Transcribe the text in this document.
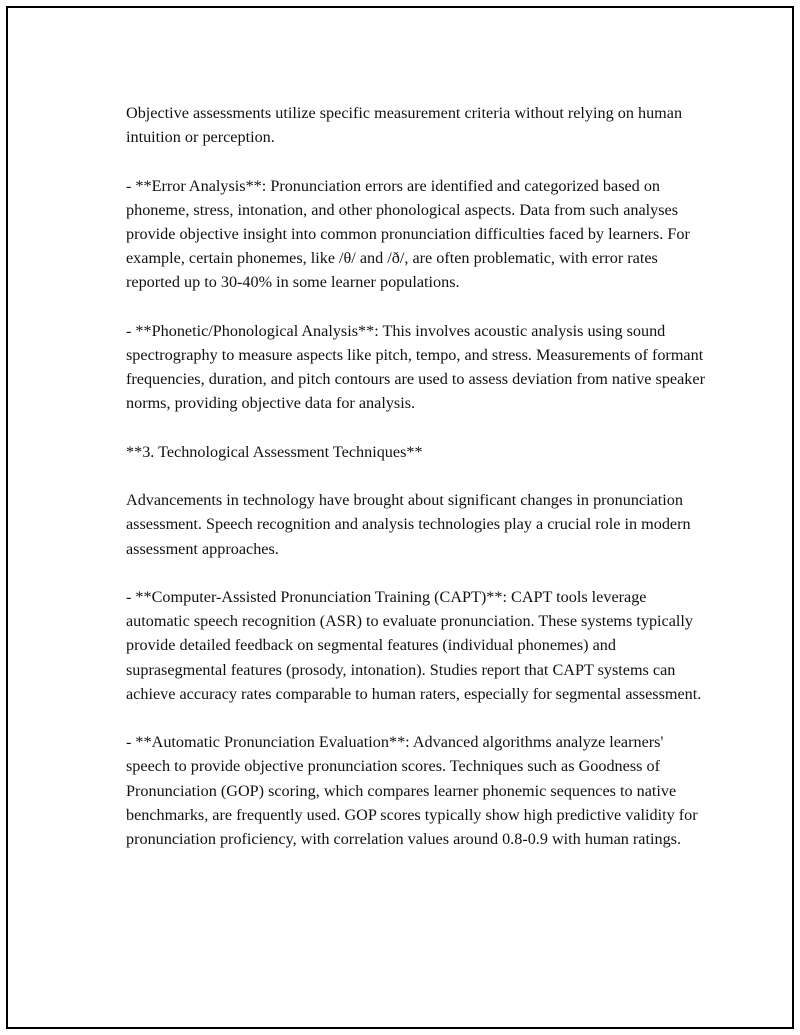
Objective assessments utilize specific measurement criteria without relying on human intuition or perception.

- **Error Analysis**: Pronunciation errors are identified and categorized based on phoneme, stress, intonation, and other phonological aspects. Data from such analyses provide objective insight into common pronunciation difficulties faced by learners. For example, certain phonemes, like /θ/ and /ð/, are often problematic, with error rates reported up to 30-40% in some learner populations.

- **Phonetic/Phonological Analysis**: This involves acoustic analysis using sound spectrography to measure aspects like pitch, tempo, and stress. Measurements of formant frequencies, duration, and pitch contours are used to assess deviation from native speaker norms, providing objective data for analysis.

**3. Technological Assessment Techniques**

Advancements in technology have brought about significant changes in pronunciation assessment. Speech recognition and analysis technologies play a crucial role in modern assessment approaches.

- **Computer-Assisted Pronunciation Training (CAPT)**: CAPT tools leverage automatic speech recognition (ASR) to evaluate pronunciation. These systems typically provide detailed feedback on segmental features (individual phonemes) and suprasegmental features (prosody, intonation). Studies report that CAPT systems can achieve accuracy rates comparable to human raters, especially for segmental assessment.

- **Automatic Pronunciation Evaluation**: Advanced algorithms analyze learners' speech to provide objective pronunciation scores. Techniques such as Goodness of Pronunciation (GOP) scoring, which compares learner phonemic sequences to native benchmarks, are frequently used. GOP scores typically show high predictive validity for pronunciation proficiency, with correlation values around 0.8-0.9 with human ratings.
